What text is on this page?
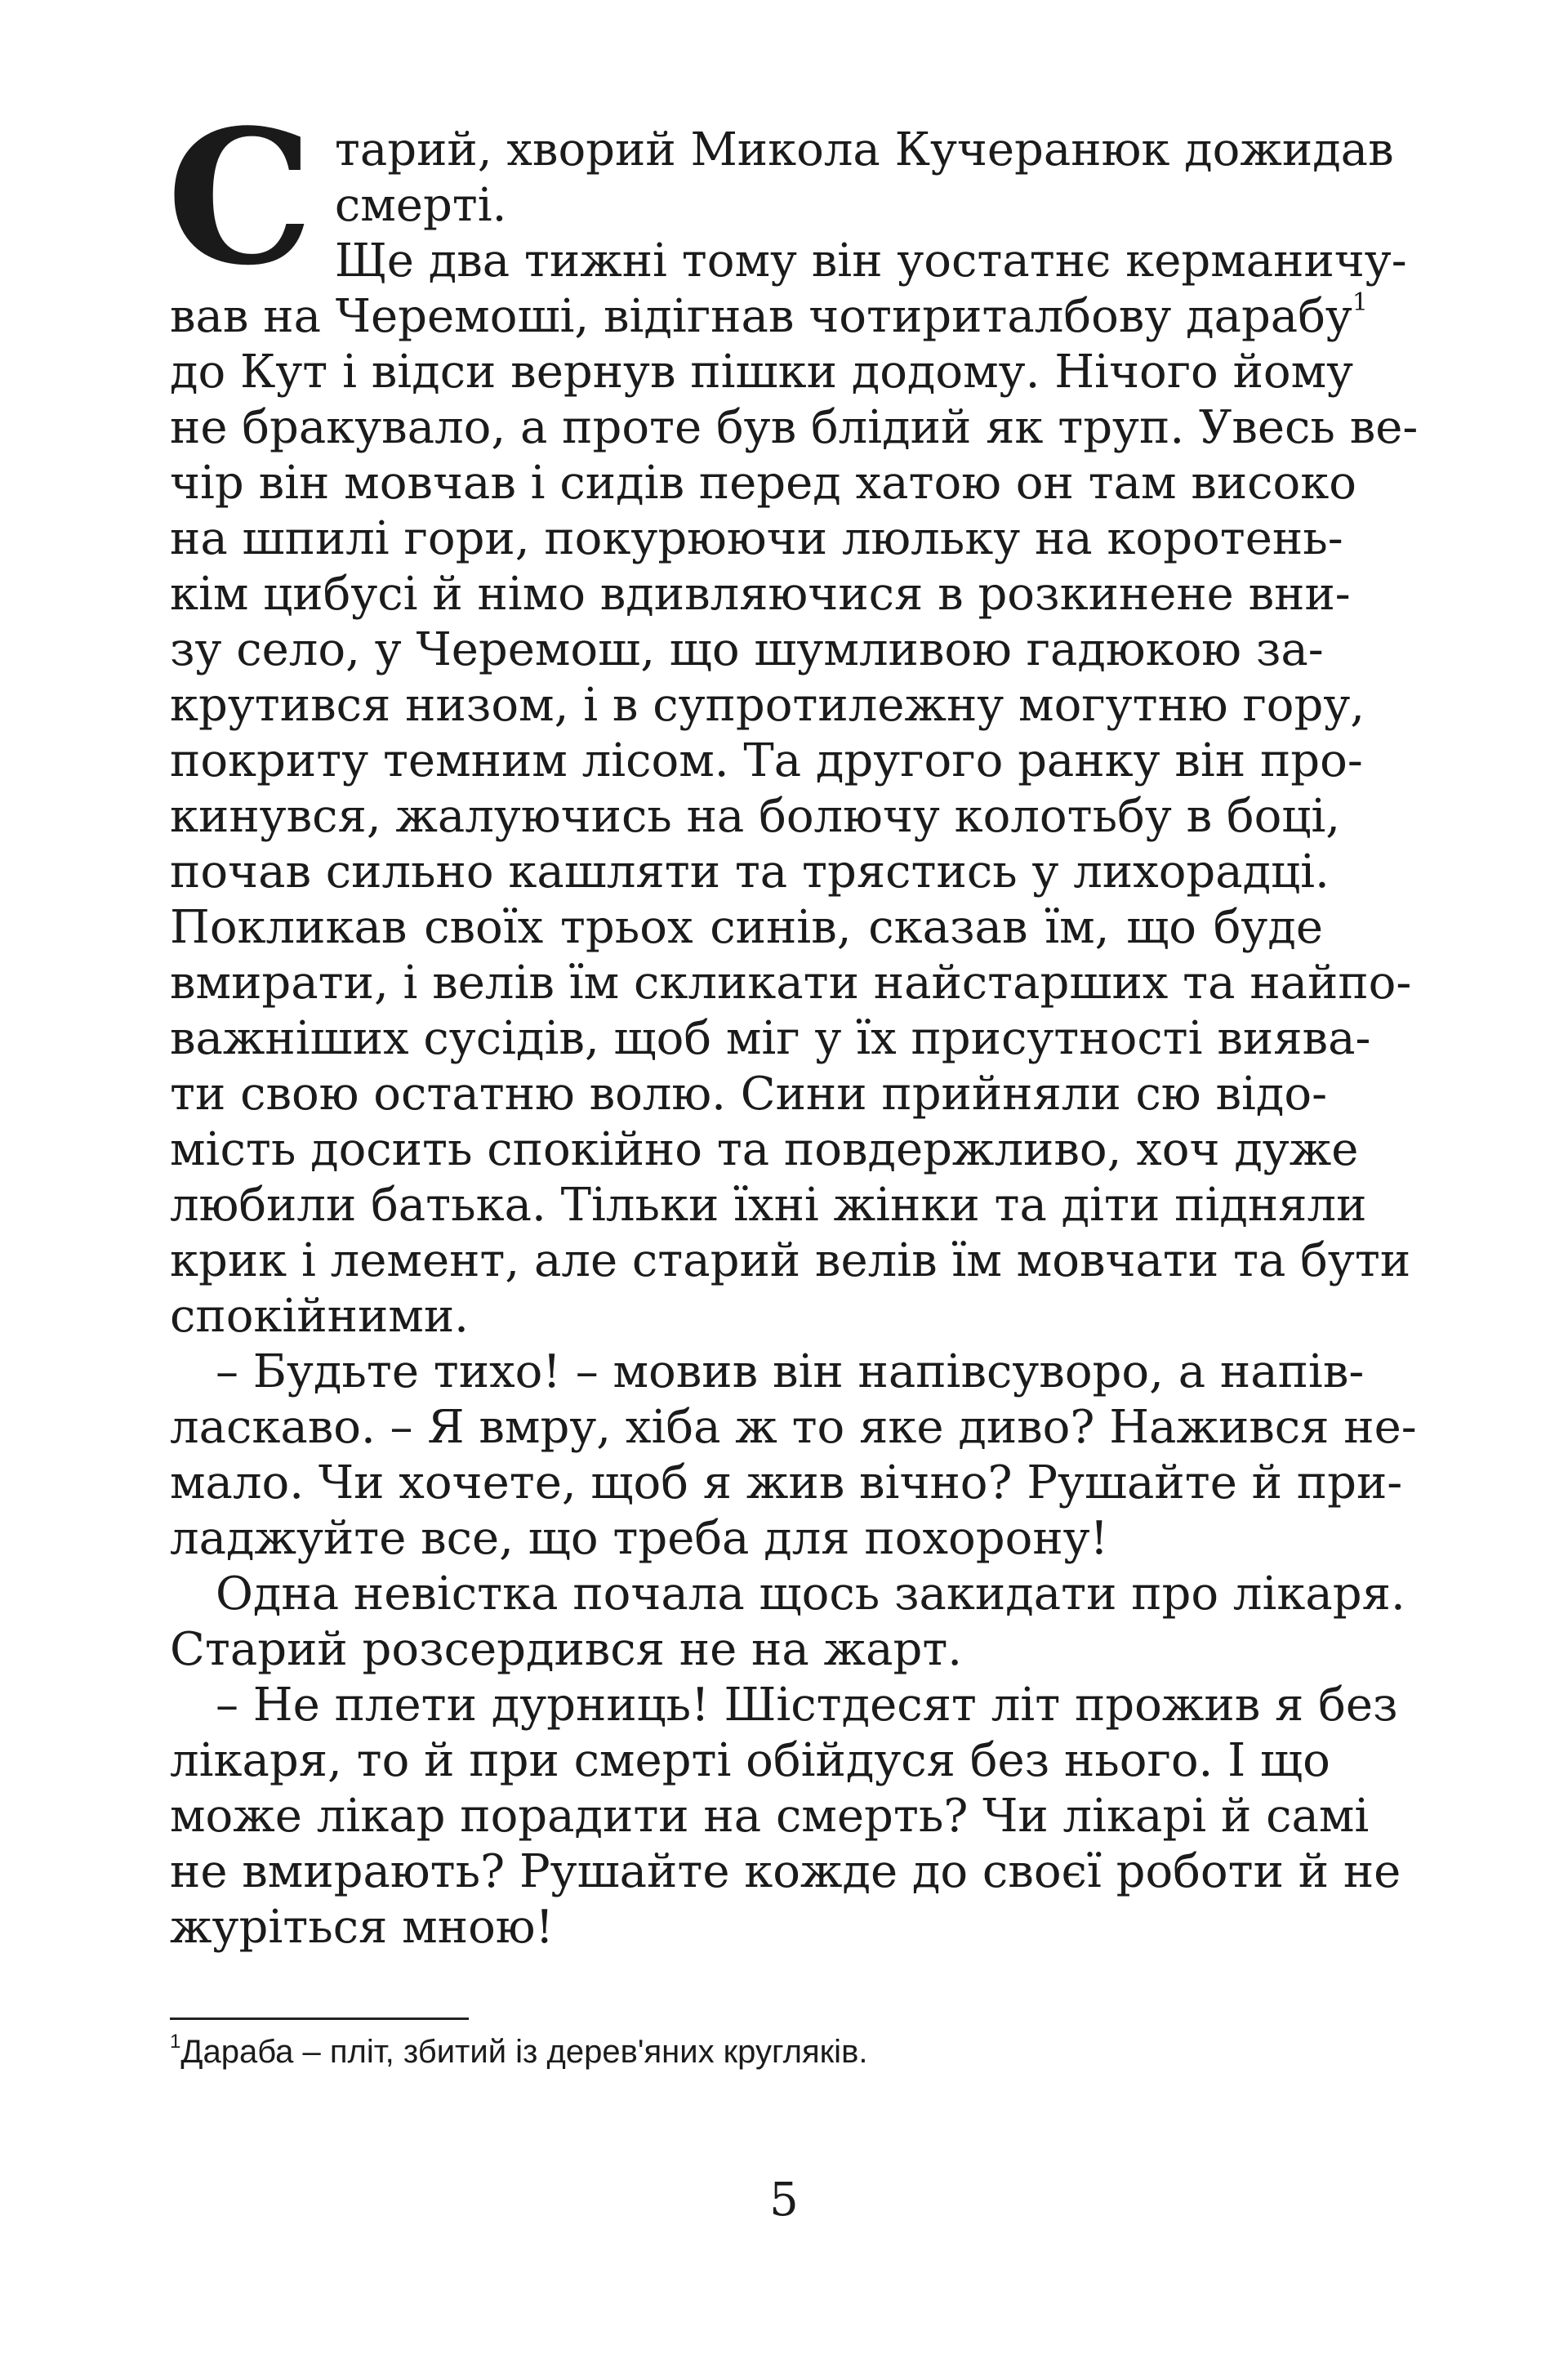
С тарий, хворий Микола Кучеранюк дожидав
смерті.
Ще два тижні тому він уостатнє керманичу-
вав на Черемоші, відігнав чотириталбову дарабу$^1$
до Кут і відси вернув пішки додому. Нічого йому
не бракувало, а проте був блідий як труп. Увесь ве-
чір він мовчав і сидів перед хатою он там високо
на шпилі гори, покурюючи люльку на коротень-
кім цибусі й німо вдивляючися в розкинене вни-
зу село, у Черемош, що шумливою гадюкою за-
крутився низом, і в супротилежну могутню гору,
покриту темним лісом. Та другого ранку він про-
кинувся, жалуючись на болючу колотьбу в боці,
почав сильно кашляти та трястись у лихорадці.
Покликав своїх трьох синів, сказав їм, що буде
вмирати, і велів їм скликати найстарших та найпо-
важніших сусідів, щоб міг у їх присутності виява-
ти свою остатню волю. Сини прийняли сю відо-
мість досить спокійно та повдержливо, хоч дуже
любили батька. Тільки їхні жінки та діти підняли
крик і лемент, але старий велів їм мовчати та бути
спокійними.
– Будьте тихо! – мовив він напівсуворо, а напів-
ласкаво. – Я вмру, хіба ж то яке диво? Нажився не-
мало. Чи хочете, щоб я жив вічно? Рушайте й при-
ладжуйте все, що треба для похорону!
Одна невістка почала щось закидати про лікаря.
Старий розсердився не на жарт.
– Не плети дурниць! Шістдесят літ прожив я без
лікаря, то й при смерті обійдуся без нього. І що
може лікар порадити на смерть? Чи лікарі й самі
не вмирають? Рушайте кожде до своєї роботи й не
журіться мною!
$^1$Дараба – пліт, збитий із дерев'яних кругляків.
5
